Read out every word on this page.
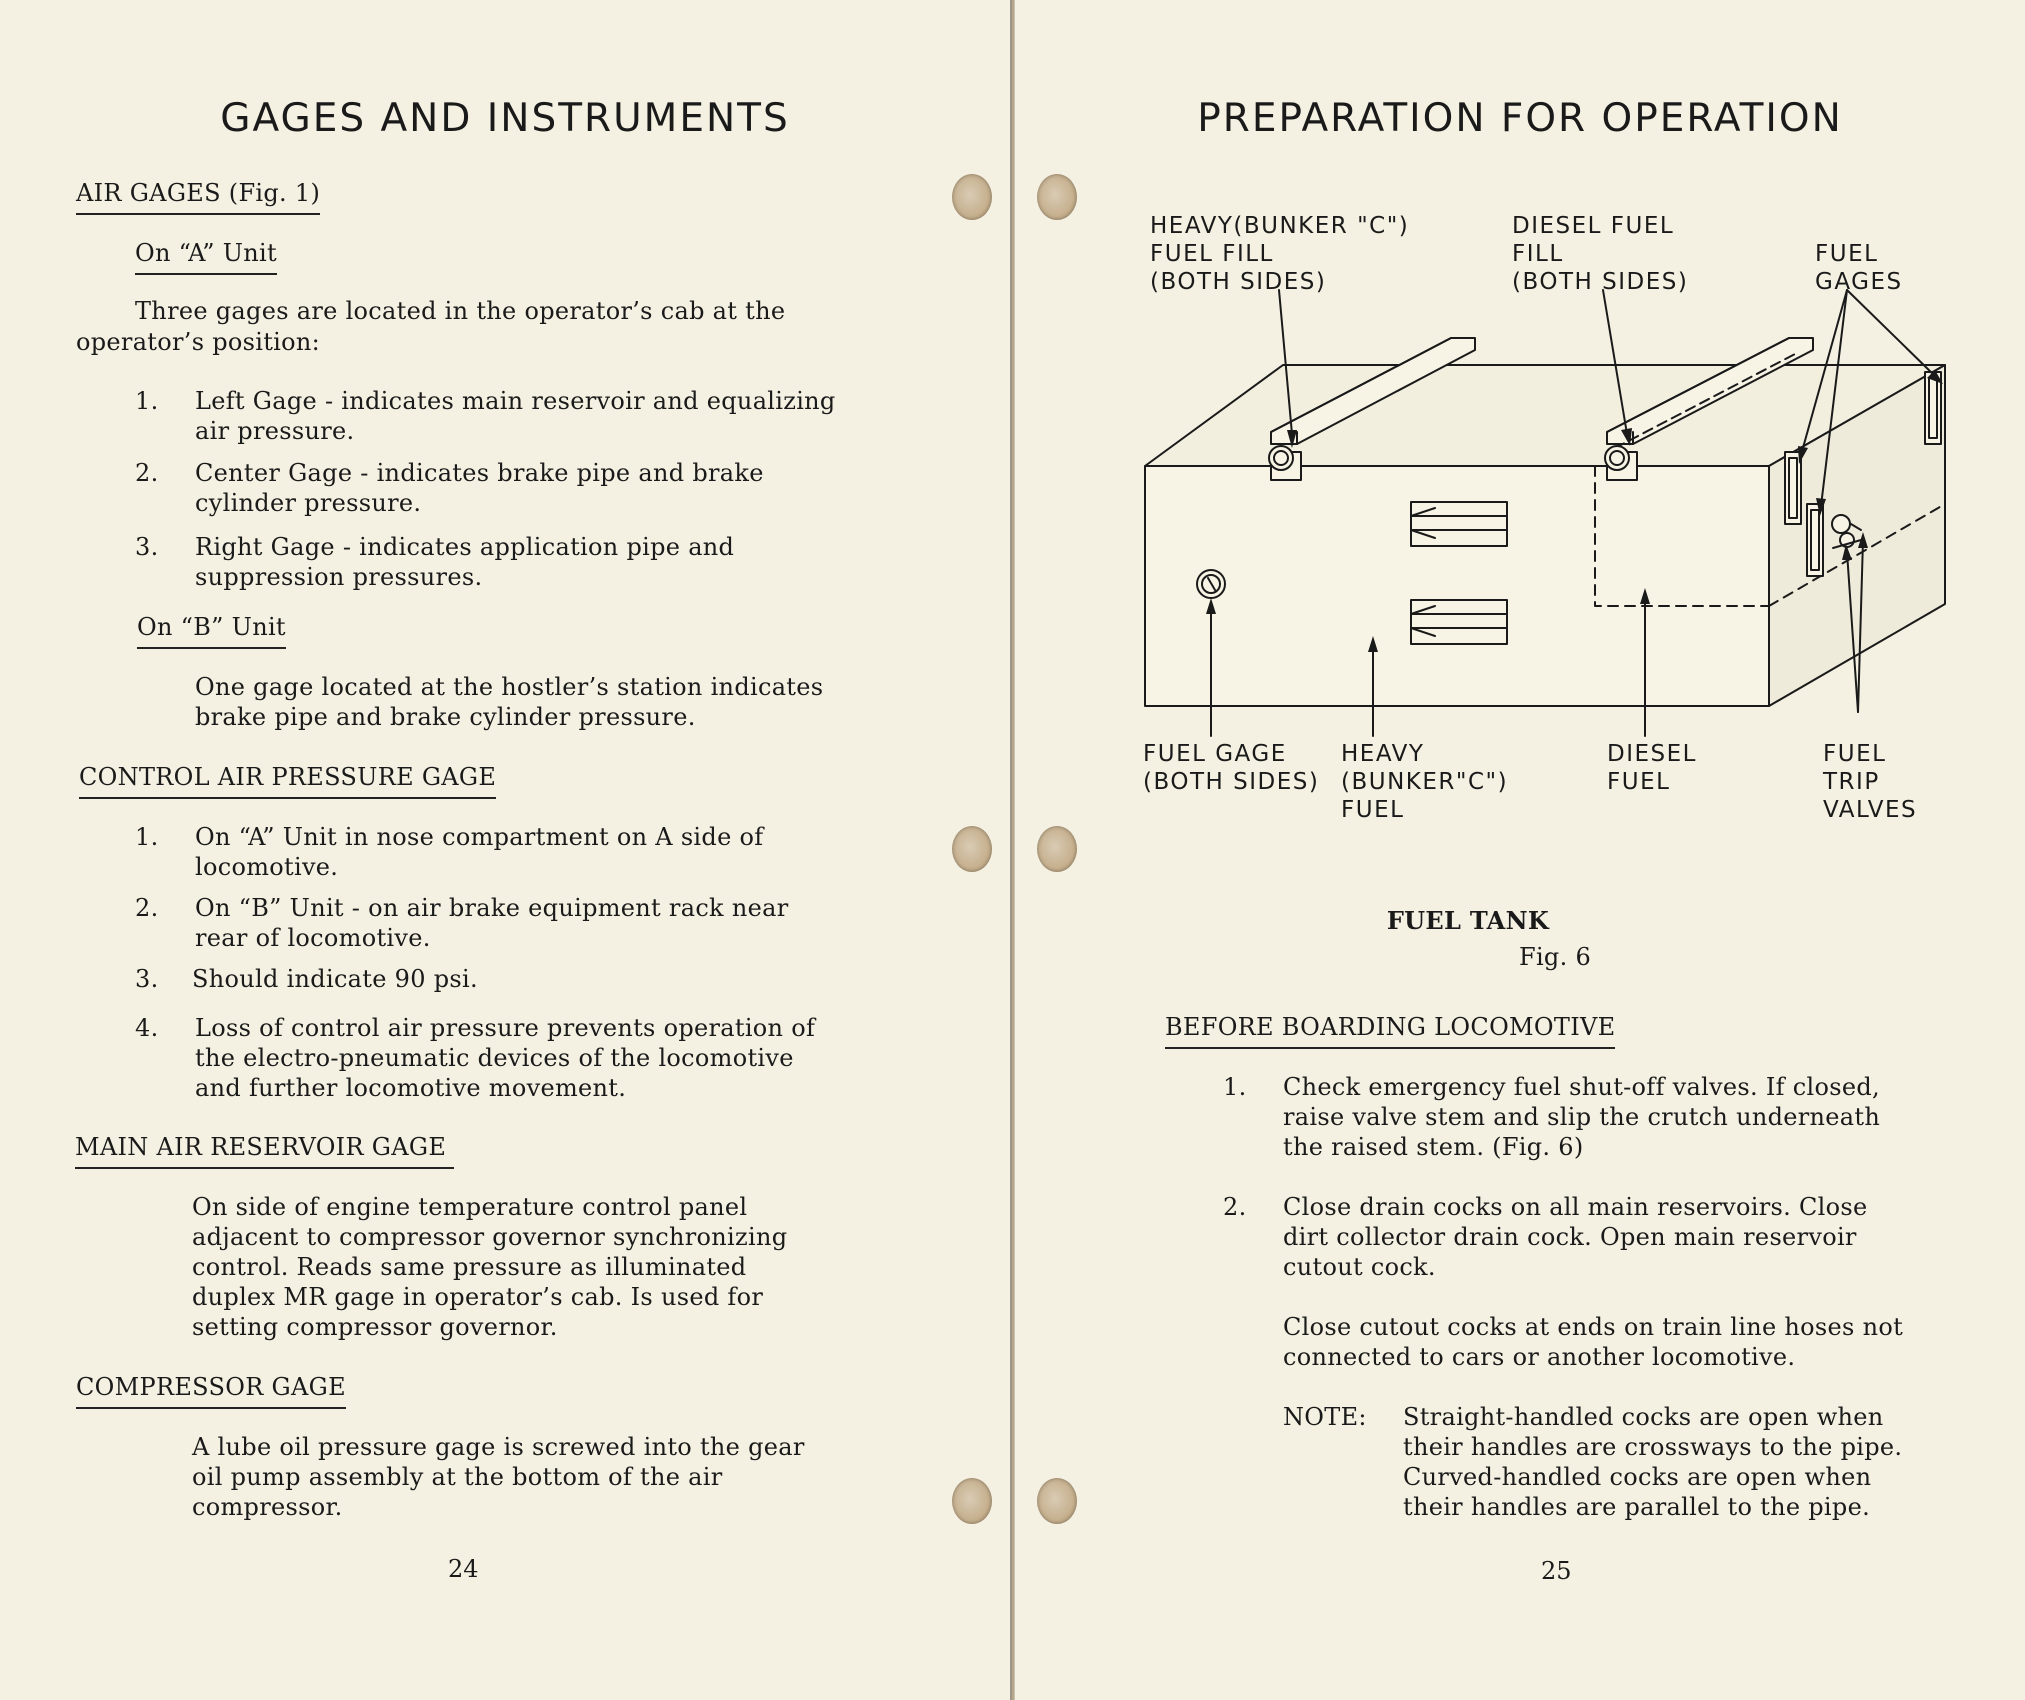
GAGES AND INSTRUMENTS
AIR GAGES (Fig. 1)
On “A” Unit
Three gages are located in the operator’s cab at the
operator’s position:
1. Left Gage - indicates main reservoir and equalizing
air pressure.
2. Center Gage - indicates brake pipe and brake
cylinder pressure.
3. Right Gage - indicates application pipe and
suppression pressures.
On “B” Unit
One gage located at the hostler’s station indicates
brake pipe and brake cylinder pressure.
CONTROL AIR PRESSURE GAGE
1. On “A” Unit in nose compartment on A side of
locomotive.
2. On “B” Unit - on air brake equipment rack near
rear of locomotive.
3. Should indicate 90 psi.
4. Loss of control air pressure prevents operation of
the electro-pneumatic devices of the locomotive
and further locomotive movement.
MAIN AIR RESERVOIR GAGE
On side of engine temperature control panel
adjacent to compressor governor synchronizing
control. Reads same pressure as illuminated
duplex MR gage in operator’s cab. Is used for
setting compressor governor.
COMPRESSOR GAGE
A lube oil pressure gage is screwed into the gear
oil pump assembly at the bottom of the air
compressor.
24
PREPARATION FOR OPERATION
HEAVY(BUNKER "C")
FUEL FILL
(BOTH SIDES)
DIESEL FUEL
FILL
(BOTH SIDES)
FUEL
GAGES
FUEL GAGE
(BOTH SIDES)
HEAVY
(BUNKER"C")
FUEL
DIESEL
FUEL
FUEL
TRIP
VALVES
FUEL TANK
Fig. 6
BEFORE BOARDING LOCOMOTIVE
1. Check emergency fuel shut-off valves. If closed,
raise valve stem and slip the crutch underneath
the raised stem. (Fig. 6)
2. Close drain cocks on all main reservoirs. Close
dirt collector drain cock. Open main reservoir
cutout cock.
Close cutout cocks at ends on train line hoses not
connected to cars or another locomotive.
NOTE: Straight-handled cocks are open when
their handles are crossways to the pipe.
Curved-handled cocks are open when
their handles are parallel to the pipe.
25
